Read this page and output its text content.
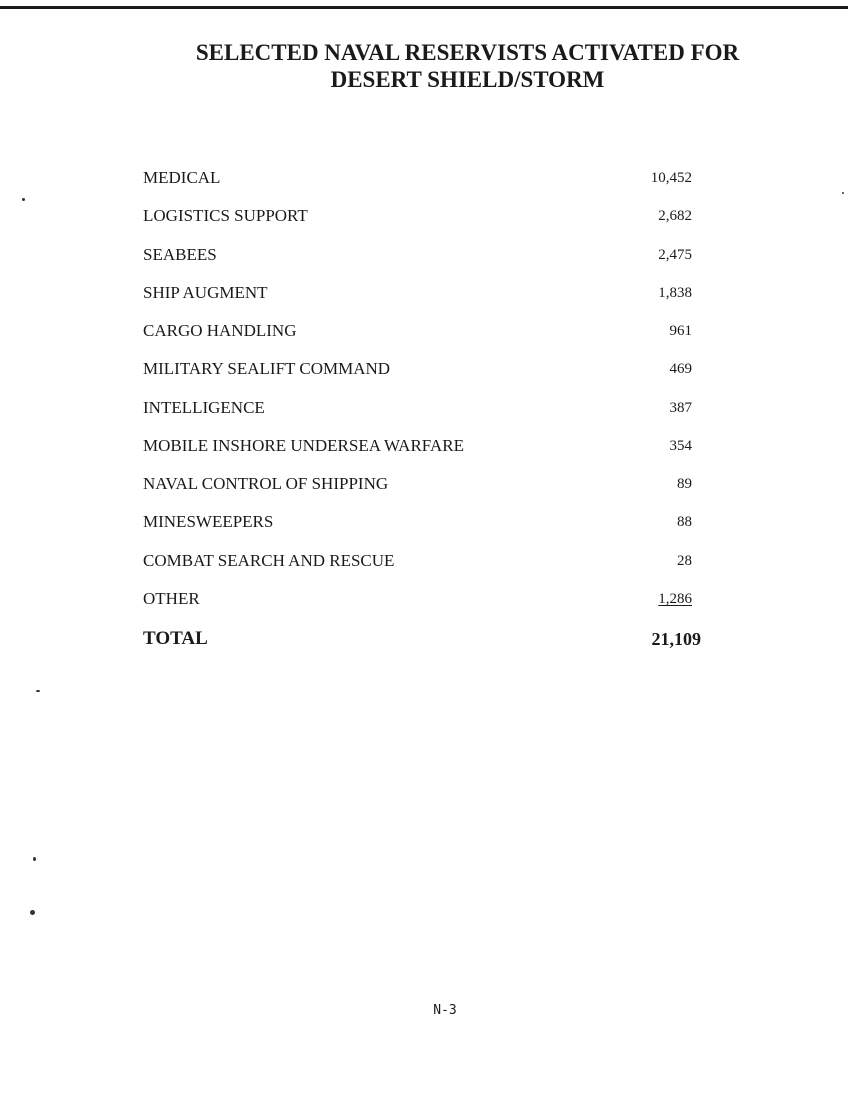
SELECTED NAVAL RESERVISTS ACTIVATED FOR
DESERT SHIELD/STORM
MEDICAL	10,452
LOGISTICS SUPPORT	2,682
SEABEES	2,475
SHIP AUGMENT	1,838
CARGO HANDLING	961
MILITARY SEALIFT COMMAND	469
INTELLIGENCE	387
MOBILE INSHORE UNDERSEA WARFARE	354
NAVAL CONTROL OF SHIPPING	89
MINESWEEPERS	88
COMBAT SEARCH AND RESCUE	28
OTHER	1,286
TOTAL	21,109
N-3
